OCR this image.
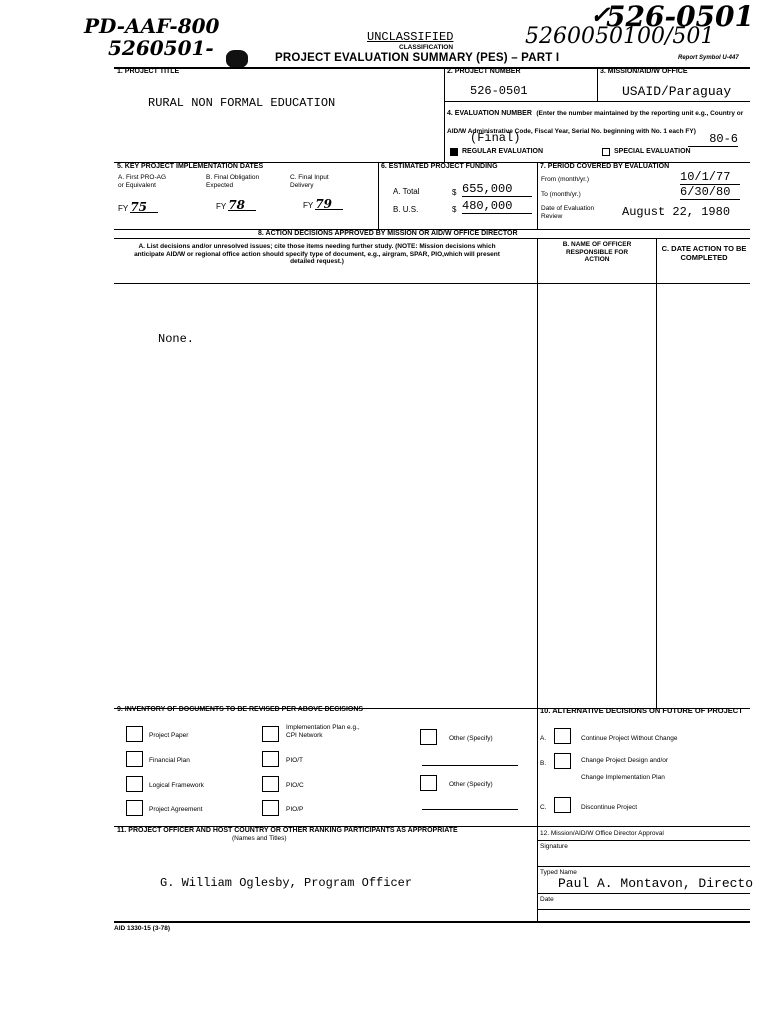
PD-AAF-800
5260501-
✓
526-0501
5260050100/501
UNCLASSIFIED
CLASSIFICATION
PROJECT EVALUATION SUMMARY (PES) – PART I	Report Symbol U-447
1. PROJECT TITLE
RURAL NON FORMAL EDUCATION
2. PROJECT NUMBER
526-0501
3. MISSION/AID/W OFFICE
USAID/Paraguay
4. EVALUATION NUMBER (Enter the number maintained by the reporting unit e.g., Country or AID/W Administrative Code, Fiscal Year, Serial No. beginning with No. 1 each FY)
(Final)	80-6
REGULAR EVALUATION	SPECIAL EVALUATION
5. KEY PROJECT IMPLEMENTATION DATES
A. First PRO-AG or Equivalent
B. Final Obligation Expected
C. Final Input Delivery
FY 75	FY 78	FY 79
6. ESTIMATED PROJECT FUNDING
A. Total	$ 655,000
B. U.S.	$ 480,000
7. PERIOD COVERED BY EVALUATION
From (month/yr.)	10/1/77
To (month/yr.)	6/30/80
Date of Evaluation Review	August 22, 1980
8. ACTION DECISIONS APPROVED BY MISSION OR AID/W OFFICE DIRECTOR
A. List decisions and/or unresolved issues; cite those items needing further study. (NOTE: Mission decisions which anticipate AID/W or regional office action should specify type of document, e.g., airgram, SPAR, PIO,which will present detailed request.)
B. NAME OF OFFICER RESPONSIBLE FOR ACTION
C. DATE ACTION TO BE COMPLETED
None.
9. INVENTORY OF DOCUMENTS TO BE REVISED PER ABOVE DECISIONS
Project Paper
Financial Plan
Logical Framework
Project Agreement
Implementation Plan e.g., CPI Network
PIO/T
PIO/C
PIO/P
Other (Specify)
Other (Specify)
10. ALTERNATIVE DECISIONS ON FUTURE OF PROJECT
A.	Continue Project Without Change
B.	Change Project Design and/or
Change Implementation Plan
C.	Discontinue Project
11. PROJECT OFFICER AND HOST COUNTRY OR OTHER RANKING PARTICIPANTS AS APPROPRIATE
(Names and Titles)
G. William Oglesby, Program Officer
12. Mission/AID/W Office Director Approval
Signature
Typed Name
Paul A. Montavon, Directo
Date
AID 1330-15 (3-78)
